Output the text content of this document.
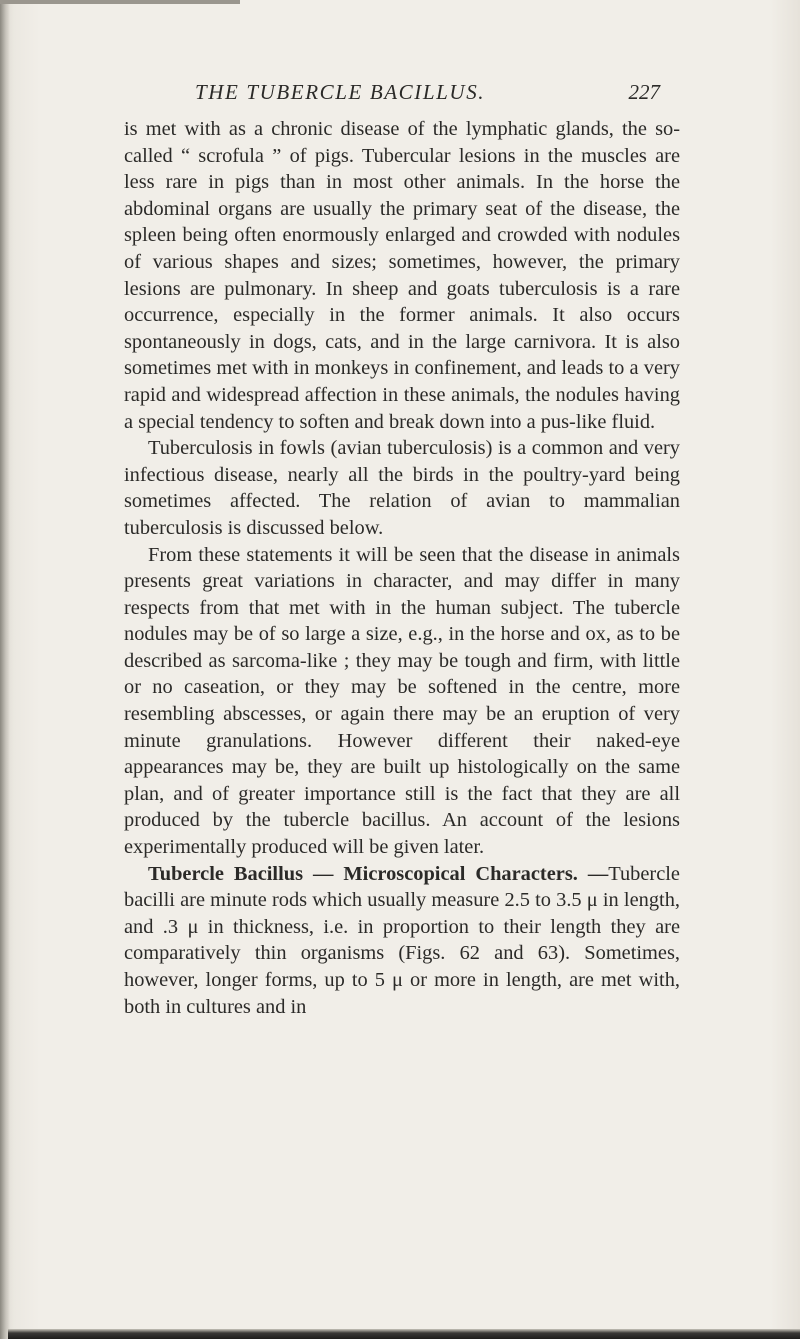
THE TUBERCLE BACILLUS.	227

is met with as a chronic disease of the lymphatic glands, the so-called “ scrofula ” of pigs. Tubercular lesions in the muscles are less rare in pigs than in most other animals. In the horse the abdominal organs are usually the primary seat of the disease, the spleen being often enormously enlarged and crowded with nodules of various shapes and sizes; sometimes, however, the primary lesions are pulmonary. In sheep and goats tuberculosis is a rare occurrence, especially in the former animals. It also occurs spontaneously in dogs, cats, and in the large carnivora. It is also sometimes met with in monkeys in confinement, and leads to a very rapid and widespread affection in these animals, the nodules having a special tendency to soften and break down into a pus-like fluid.

Tuberculosis in fowls (avian tuberculosis) is a common and very infectious disease, nearly all the birds in the poultry-yard being sometimes affected. The relation of avian to mammalian tuberculosis is discussed below.

From these statements it will be seen that the disease in animals presents great variations in character, and may differ in many respects from that met with in the human subject. The tubercle nodules may be of so large a size, e.g., in the horse and ox, as to be described as sarcoma-like ; they may be tough and firm, with little or no caseation, or they may be softened in the centre, more resembling abscesses, or again there may be an eruption of very minute granulations. However different their naked-eye appearances may be, they are built up histologically on the same plan, and of greater importance still is the fact that they are all produced by the tubercle bacillus. An account of the lesions experimentally produced will be given later.

Tubercle Bacillus — Microscopical Characters. —Tubercle bacilli are minute rods which usually measure 2.5 to 3.5 μ in length, and .3 μ in thickness, i.e. in proportion to their length they are comparatively thin organisms (Figs. 62 and 63). Sometimes, however, longer forms, up to 5 μ or more in length, are met with, both in cultures and in
